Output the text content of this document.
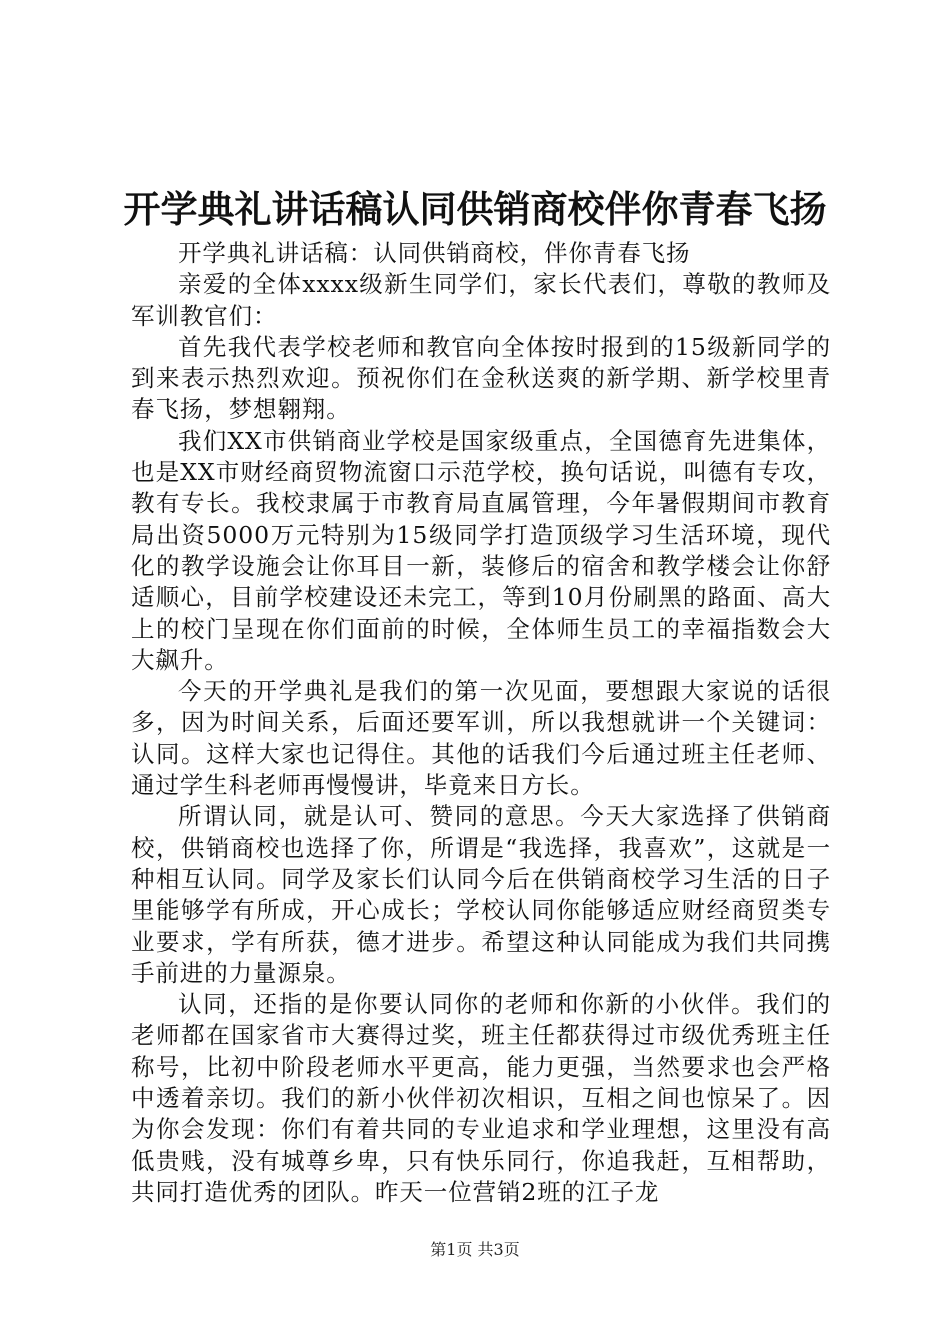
开学典礼讲话稿认同供销商校伴你青春飞扬

开学典礼讲话稿：认同供销商校，伴你青春飞扬

亲爱的全体xxxx级新生同学们，家长代表们，尊敬的教师及军训教官们：

首先我代表学校老师和教官向全体按时报到的15级新同学的到来表示热烈欢迎。预祝你们在金秋送爽的新学期、新学校里青春飞扬，梦想翱翔。

我们XX市供销商业学校是国家级重点，全国德育先进集体，也是XX市财经商贸物流窗口示范学校，换句话说，叫德有专攻，教有专长。我校隶属于市教育局直属管理，今年暑假期间市教育局出资5000万元特别为15级同学打造顶级学习生活环境，现代化的教学设施会让你耳目一新，装修后的宿舍和教学楼会让你舒适顺心，目前学校建设还未完工，等到10月份刷黑的路面、高大上的校门呈现在你们面前的时候，全体师生员工的幸福指数会大大飙升。

今天的开学典礼是我们的第一次见面，要想跟大家说的话很多，因为时间关系，后面还要军训，所以我想就讲一个关键词：认同。这样大家也记得住。其他的话我们今后通过班主任老师、通过学生科老师再慢慢讲，毕竟来日方长。

所谓认同，就是认可、赞同的意思。今天大家选择了供销商校，供销商校也选择了你，所谓是“我选择，我喜欢”，这就是一种相互认同。同学及家长们认同今后在供销商校学习生活的日子里能够学有所成，开心成长；学校认同你能够适应财经商贸类专业要求，学有所获，德才进步。希望这种认同能成为我们共同携手前进的力量源泉。

认同，还指的是你要认同你的老师和你新的小伙伴。我们的老师都在国家省市大赛得过奖，班主任都获得过市级优秀班主任称号，比初中阶段老师水平更高，能力更强，当然要求也会严格中透着亲切。我们的新小伙伴初次相识，互相之间也惊呆了。因为你会发现：你们有着共同的专业追求和学业理想，这里没有高低贵贱，没有城尊乡卑，只有快乐同行，你追我赶，互相帮助，共同打造优秀的团队。昨天一位营销2班的江子龙

第1页 共3页
